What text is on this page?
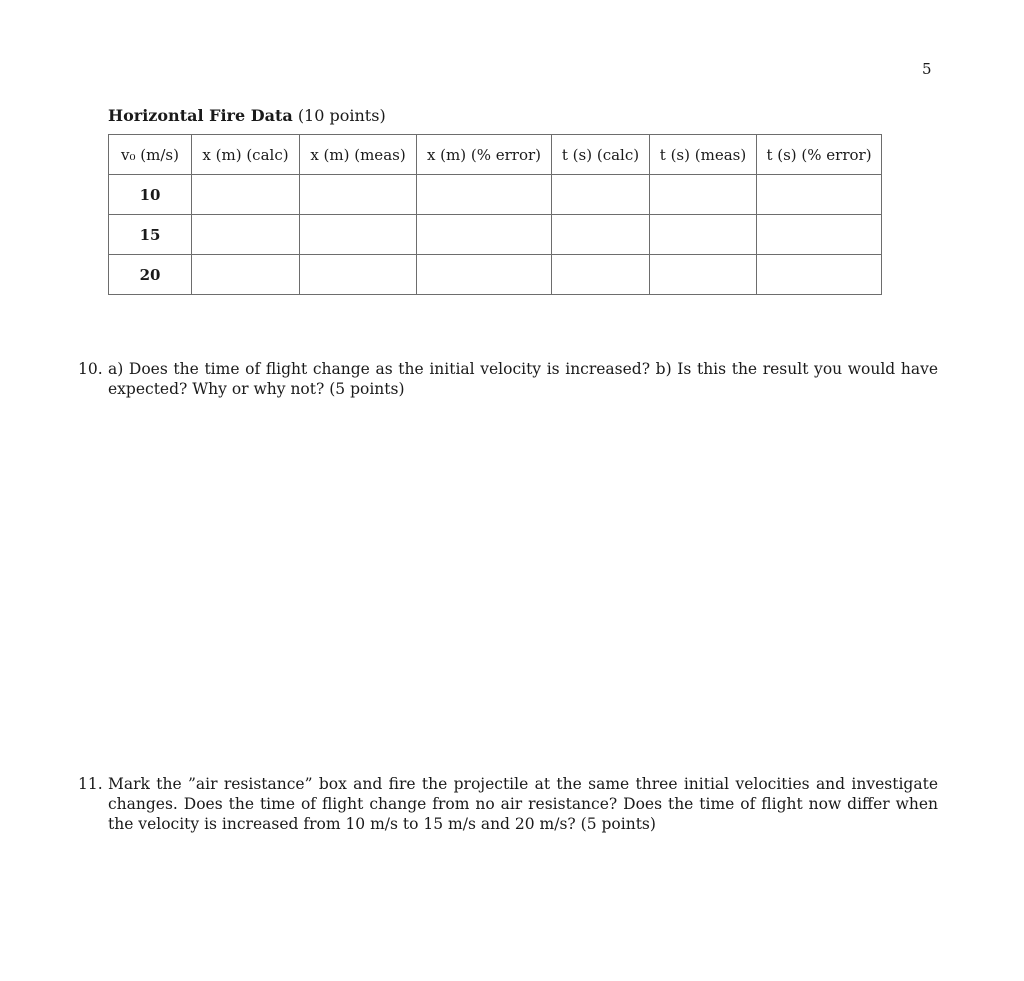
5
Horizontal Fire Data (10 points)
v₀ (m/s)	x (m) (calc)	x (m) (meas)	x (m) (% error)	t (s) (calc)	t (s) (meas)	t (s) (% error)
10						
15						
20						
10. a) Does the time of flight change as the initial velocity is increased? b) Is this the result you would have expected? Why or why not? (5 points)
11. Mark the ”air resistance” box and fire the projectile at the same three initial velocities and investigate changes. Does the time of flight change from no air resistance? Does the time of flight now differ when the velocity is increased from 10 m/s to 15 m/s and 20 m/s? (5 points)
